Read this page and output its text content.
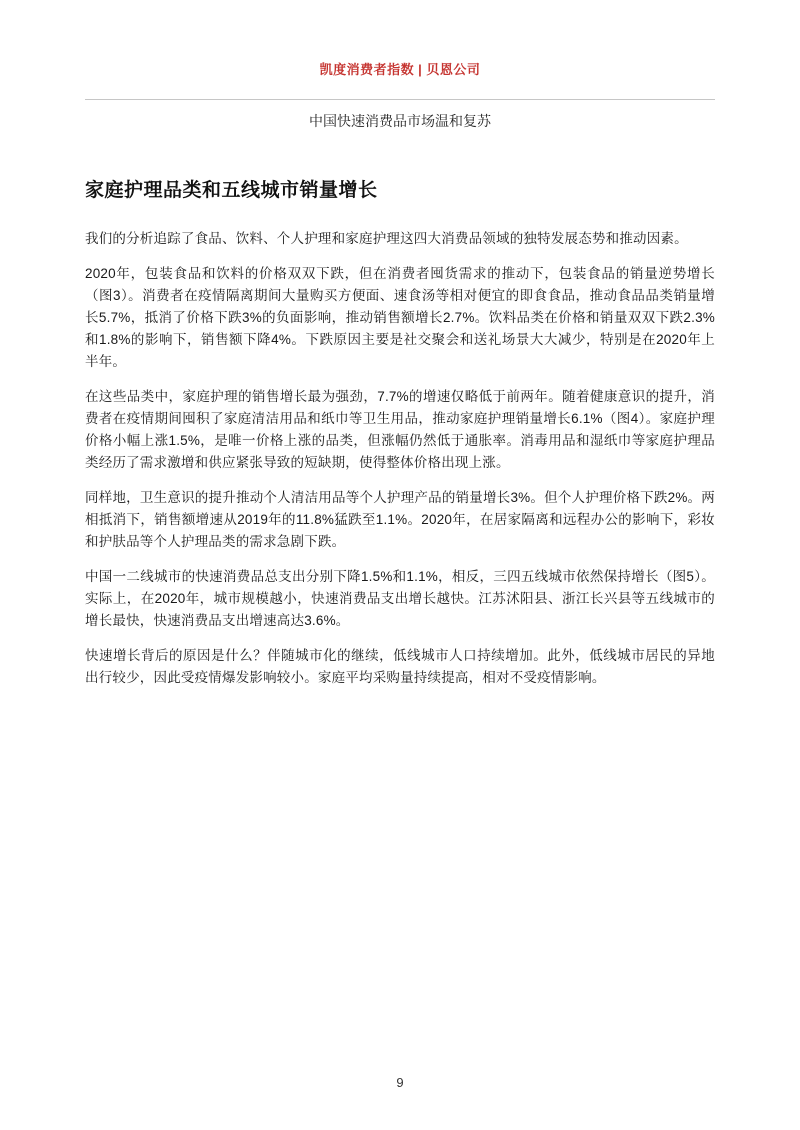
凯度消费者指数 | 贝恩公司
中国快速消费品市场温和复苏
家庭护理品类和五线城市销量增长

我们的分析追踪了食品、饮料、个人护理和家庭护理这四大消费品领域的独特发展态势和推动因素。

2020年，包装食品和饮料的价格双双下跌，但在消费者囤货需求的推动下，包装食品的销量逆势增长（图3）。消费者在疫情隔离期间大量购买方便面、速食汤等相对便宜的即食食品，推动食品品类销量增长5.7%，抵消了价格下跌3%的负面影响，推动销售额增长2.7%。饮料品类在价格和销量双双下跌2.3%和1.8%的影响下，销售额下降4%。下跌原因主要是社交聚会和送礼场景大大减少，特别是在2020年上半年。

在这些品类中，家庭护理的销售增长最为强劲，7.7%的增速仅略低于前两年。随着健康意识的提升，消费者在疫情期间囤积了家庭清洁用品和纸巾等卫生用品，推动家庭护理销量增长6.1%（图4）。家庭护理价格小幅上涨1.5%，是唯一价格上涨的品类，但涨幅仍然低于通胀率。消毒用品和湿纸巾等家庭护理品类经历了需求激增和供应紧张导致的短缺期，使得整体价格出现上涨。

同样地，卫生意识的提升推动个人清洁用品等个人护理产品的销量增长3%。但个人护理价格下跌2%。两相抵消下，销售额增速从2019年的11.8%猛跌至1.1%。2020年，在居家隔离和远程办公的影响下，彩妆和护肤品等个人护理品类的需求急剧下跌。

中国一二线城市的快速消费品总支出分别下降1.5%和1.1%，相反，三四五线城市依然保持增长（图5）。实际上，在2020年，城市规模越小，快速消费品支出增长越快。江苏沭阳县、浙江长兴县等五线城市的增长最快，快速消费品支出增速高达3.6%。

快速增长背后的原因是什么？伴随城市化的继续，低线城市人口持续增加。此外，低线城市居民的异地出行较少，因此受疫情爆发影响较小。家庭平均采购量持续提高，相对不受疫情影响。

9
